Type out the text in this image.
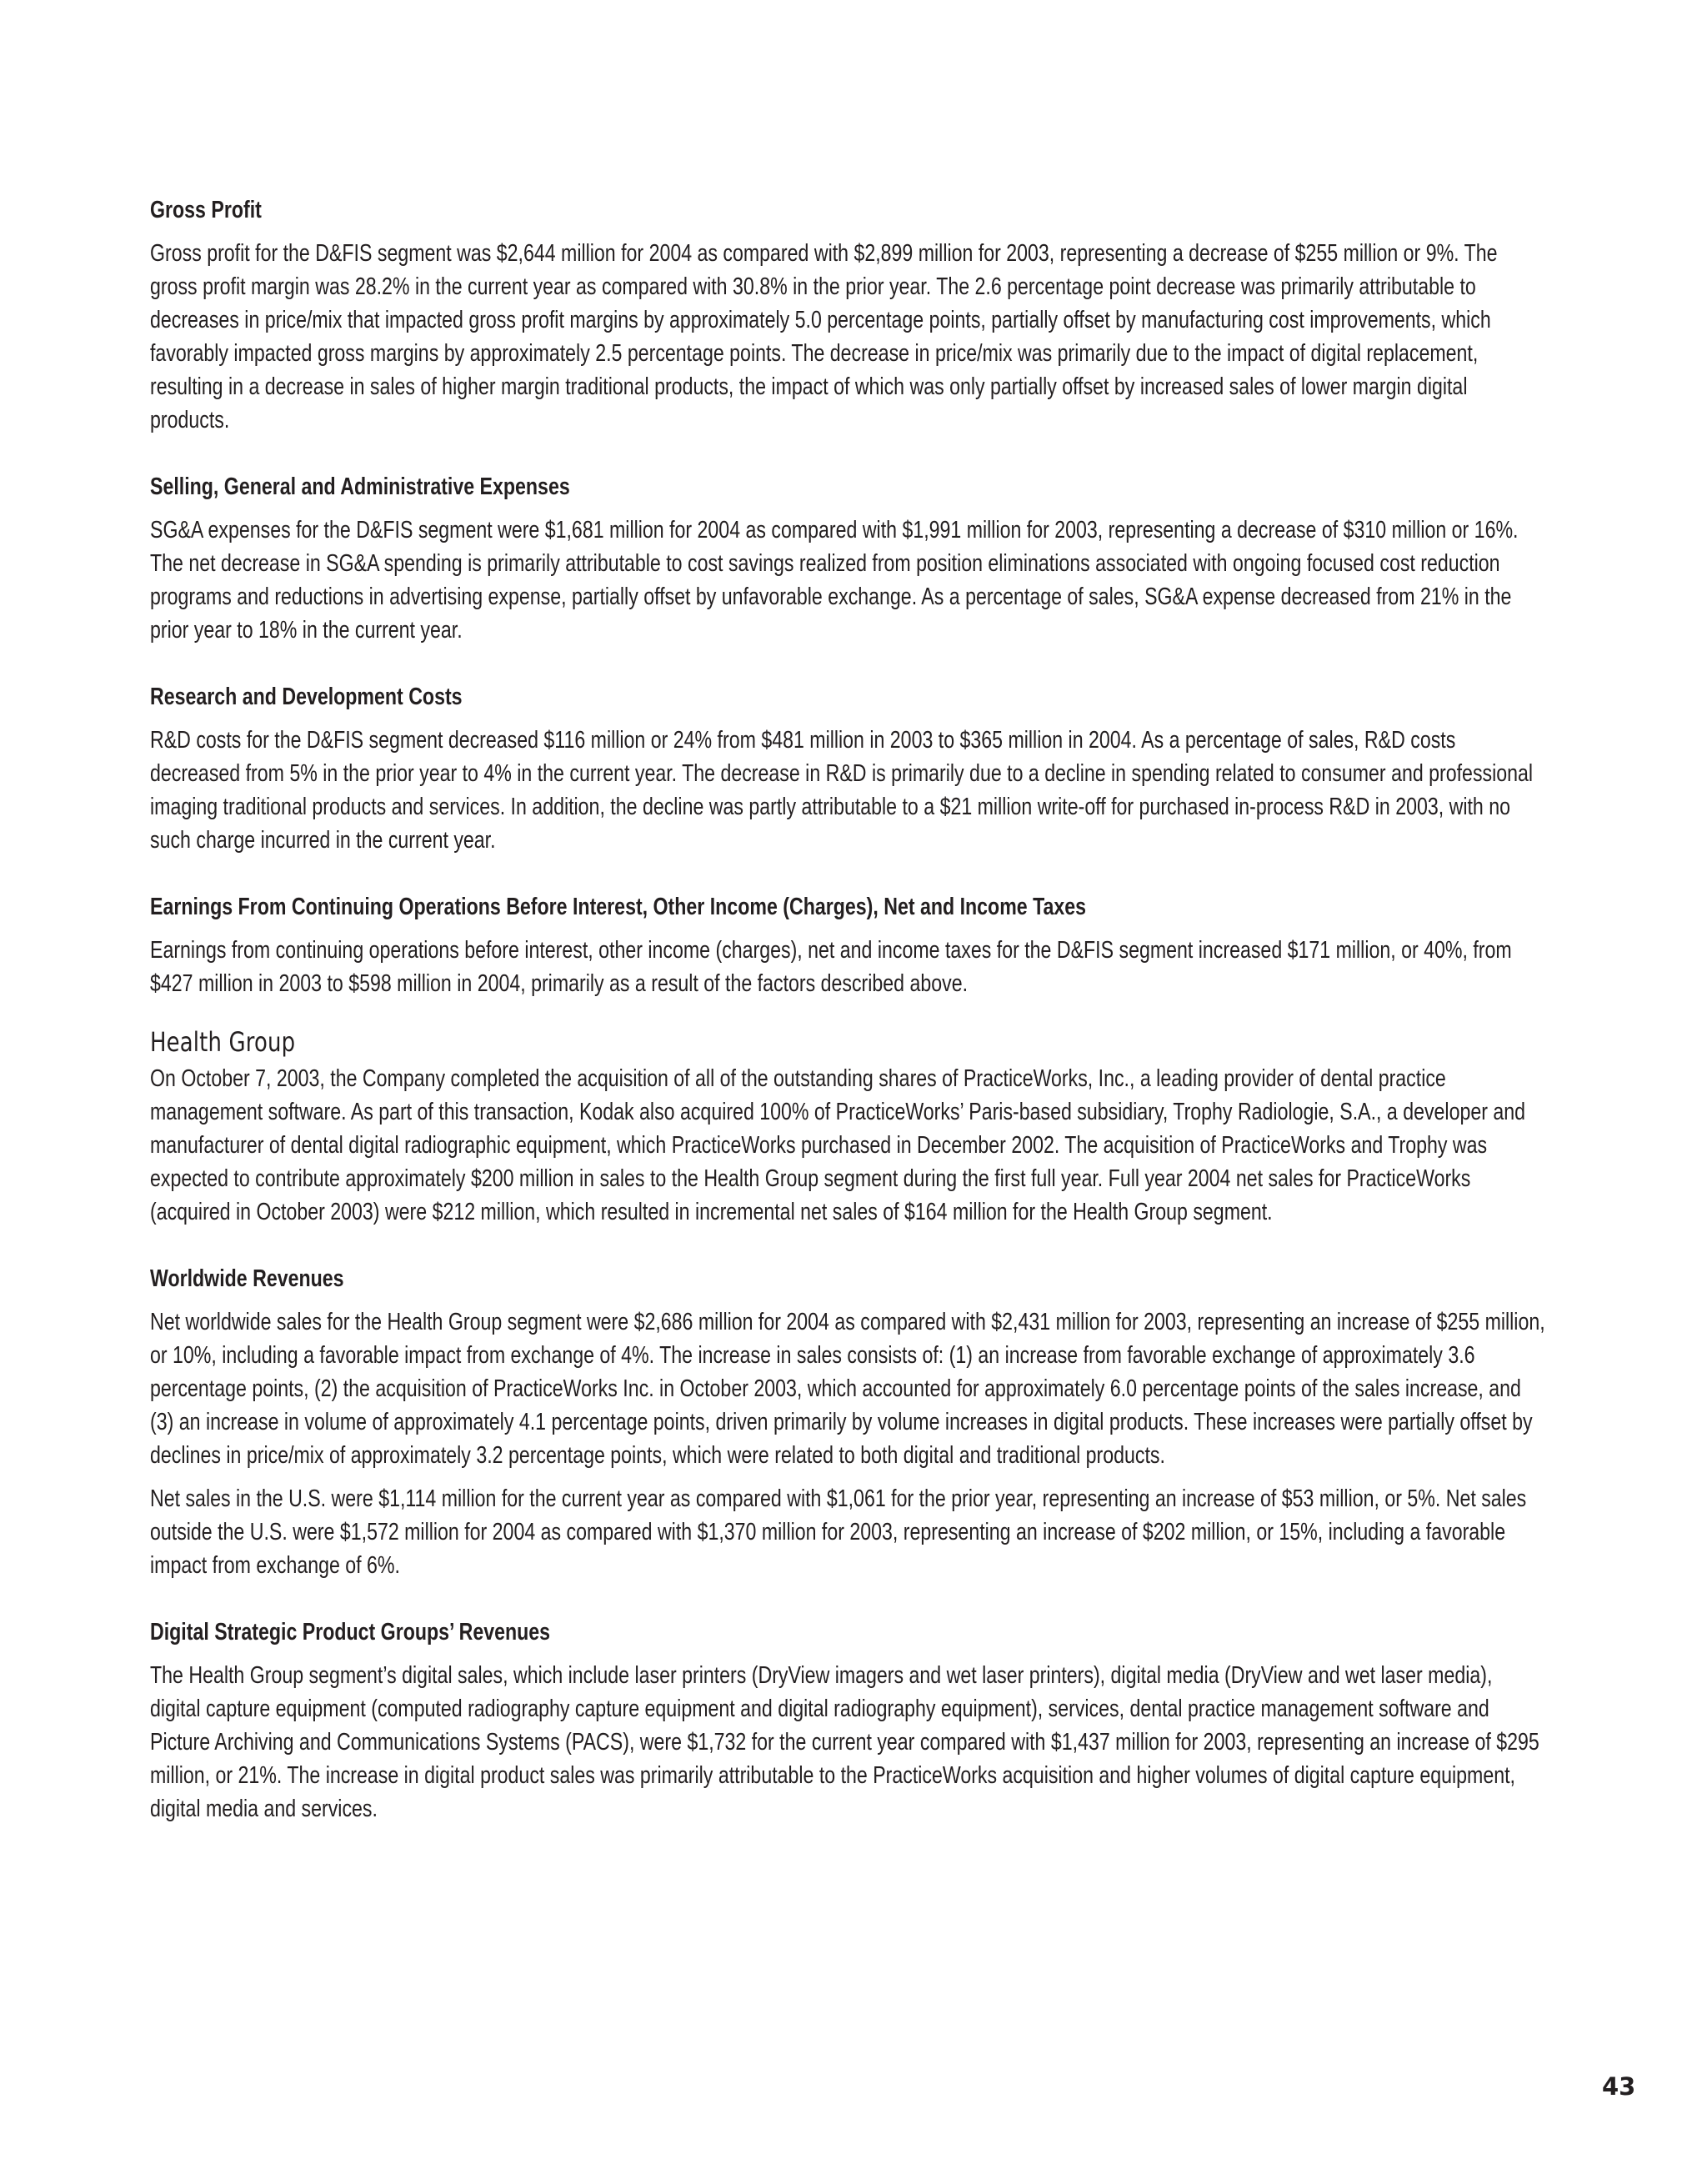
Gross Profit

Gross profit for the D&FIS segment was $2,644 million for 2004 as compared with $2,899 million for 2003, representing a decrease of $255 million or 9%. The gross profit margin was 28.2% in the current year as compared with 30.8% in the prior year. The 2.6 percentage point decrease was primarily attributable to decreases in price/mix that impacted gross profit margins by approximately 5.0 percentage points, partially offset by manufacturing cost improvements, which favorably impacted gross margins by approximately 2.5 percentage points. The decrease in price/mix was primarily due to the impact of digital replacement, resulting in a decrease in sales of higher margin traditional products, the impact of which was only partially offset by increased sales of lower margin digital products.

Selling, General and Administrative Expenses

SG&A expenses for the D&FIS segment were $1,681 million for 2004 as compared with $1,991 million for 2003, representing a decrease of $310 million or 16%. The net decrease in SG&A spending is primarily attributable to cost savings realized from position eliminations associated with ongoing focused cost reduction programs and reductions in advertising expense, partially offset by unfavorable exchange. As a percentage of sales, SG&A expense decreased from 21% in the prior year to 18% in the current year.

Research and Development Costs

R&D costs for the D&FIS segment decreased $116 million or 24% from $481 million in 2003 to $365 million in 2004. As a percentage of sales, R&D costs decreased from 5% in the prior year to 4% in the current year. The decrease in R&D is primarily due to a decline in spending related to consumer and professional imaging traditional products and services. In addition, the decline was partly attributable to a $21 million write-off for purchased in-process R&D in 2003, with no such charge incurred in the current year.

Earnings From Continuing Operations Before Interest, Other Income (Charges), Net and Income Taxes

Earnings from continuing operations before interest, other income (charges), net and income taxes for the D&FIS segment increased $171 million, or 40%, from $427 million in 2003 to $598 million in 2004, primarily as a result of the factors described above.

Health Group

On October 7, 2003, the Company completed the acquisition of all of the outstanding shares of PracticeWorks, Inc., a leading provider of dental practice management software. As part of this transaction, Kodak also acquired 100% of PracticeWorks’ Paris-based subsidiary, Trophy Radiologie, S.A., a developer and manufacturer of dental digital radiographic equipment, which PracticeWorks purchased in December 2002. The acquisition of PracticeWorks and Trophy was expected to contribute approximately $200 million in sales to the Health Group segment during the first full year. Full year 2004 net sales for PracticeWorks (acquired in October 2003) were $212 million, which resulted in incremental net sales of $164 million for the Health Group segment.

Worldwide Revenues

Net worldwide sales for the Health Group segment were $2,686 million for 2004 as compared with $2,431 million for 2003, representing an increase of $255 million, or 10%, including a favorable impact from exchange of 4%. The increase in sales consists of: (1) an increase from favorable exchange of approximately 3.6 percentage points, (2) the acquisition of PracticeWorks Inc. in October 2003, which accounted for approximately 6.0 percentage points of the sales increase, and (3) an increase in volume of approximately 4.1 percentage points, driven primarily by volume increases in digital products. These increases were partially offset by declines in price/mix of approximately 3.2 percentage points, which were related to both digital and traditional products.

Net sales in the U.S. were $1,114 million for the current year as compared with $1,061 for the prior year, representing an increase of $53 million, or 5%. Net sales outside the U.S. were $1,572 million for 2004 as compared with $1,370 million for 2003, representing an increase of $202 million, or 15%, including a favorable impact from exchange of 6%.

Digital Strategic Product Groups’ Revenues

The Health Group segment’s digital sales, which include laser printers (DryView imagers and wet laser printers), digital media (DryView and wet laser media), digital capture equipment (computed radiography capture equipment and digital radiography equipment), services, dental practice management software and Picture Archiving and Communications Systems (PACS), were $1,732 for the current year compared with $1,437 million for 2003, representing an increase of $295 million, or 21%. The increase in digital product sales was primarily attributable to the PracticeWorks acquisition and higher volumes of digital capture equipment, digital media and services.

43
